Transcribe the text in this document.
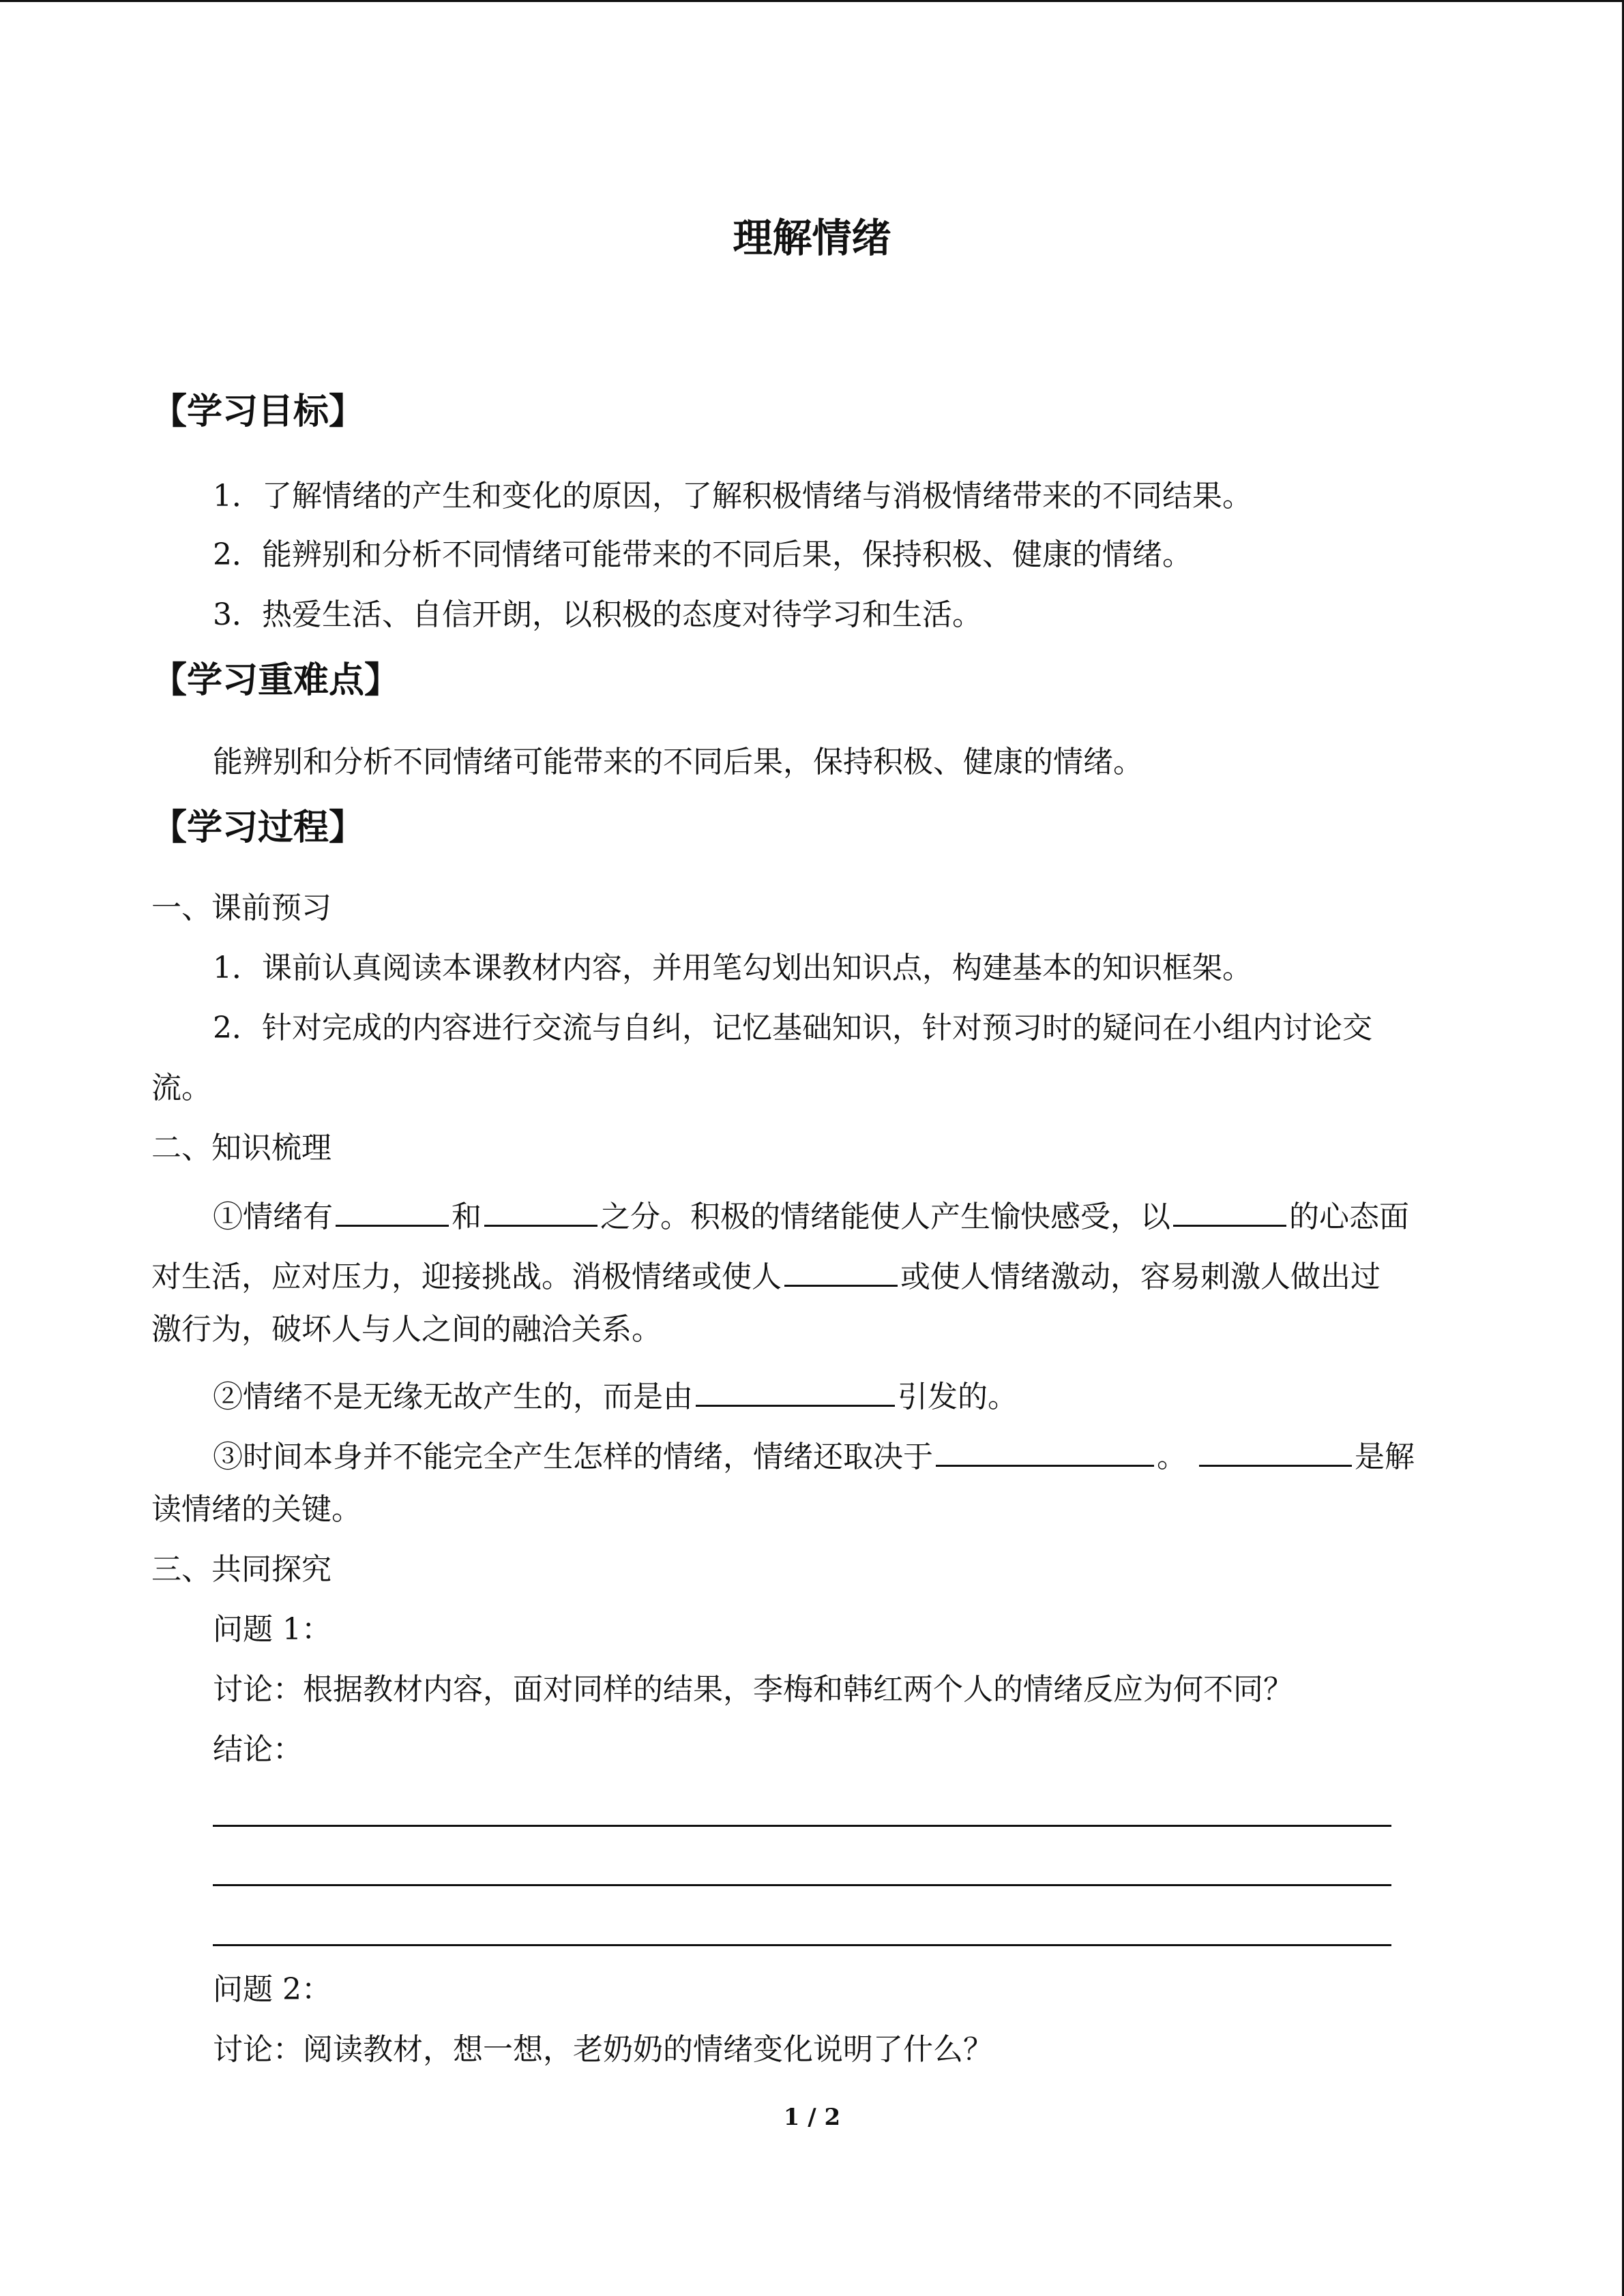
理解情绪
【学习目标】
1．了解情绪的产生和变化的原因，了解积极情绪与消极情绪带来的不同结果。
2．能辨别和分析不同情绪可能带来的不同后果，保持积极、健康的情绪。
3．热爱生活、自信开朗，以积极的态度对待学习和生活。
【学习重难点】
能辨别和分析不同情绪可能带来的不同后果，保持积极、健康的情绪。
【学习过程】
一、课前预习
1．课前认真阅读本课教材内容，并用笔勾划出知识点，构建基本的知识框架。
2．针对完成的内容进行交流与自纠，记忆基础知识，针对预习时的疑问在小组内讨论交
流。
二、知识梳理
①情绪有	和	之分。积极的情绪能使人产生愉快感受，以	的心态面
对生活，应对压力，迎接挑战。消极情绪或使人	或使人情绪激动，容易刺激人做出过
激行为，破坏人与人之间的融洽关系。
②情绪不是无缘无故产生的，而是由	引发的。
③时间本身并不能完全产生怎样的情绪，情绪还取决于	。	是解
读情绪的关键。
三、共同探究
问题 1：
讨论：根据教材内容，面对同样的结果，李梅和韩红两个人的情绪反应为何不同？
结论：
问题 2：
讨论：阅读教材，想一想，老奶奶的情绪变化说明了什么？
1 / 2
